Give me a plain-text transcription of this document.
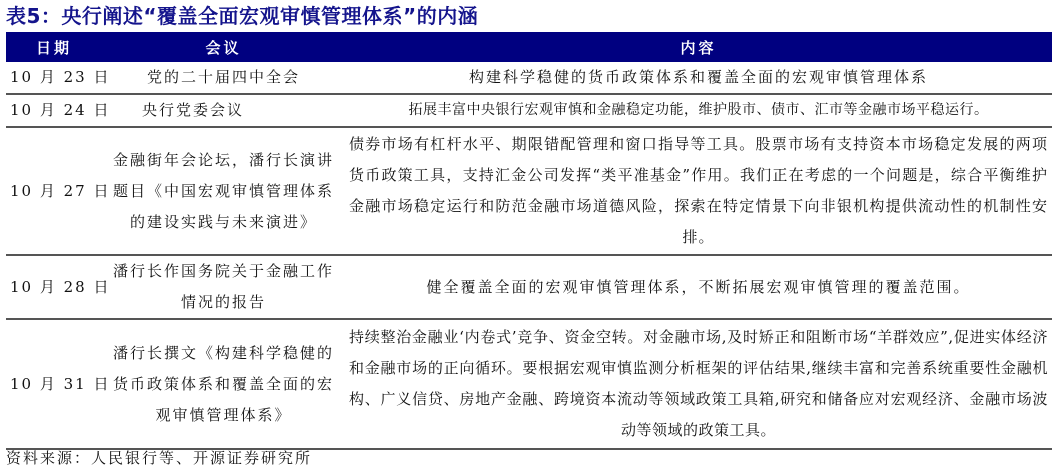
表5：央行阐述“覆盖全面宏观审慎管理体系”的内涵
日期	会议	内容
10 月 23 日	党的二十届四中全会	构建科学稳健的货币政策体系和覆盖全面的宏观审慎管理体系
10 月 24 日	央行党委会议	拓展丰富中央银行宏观审慎和金融稳定功能，维护股市、债市、汇市等金融市场平稳运行。
10 月 27 日	金融街年会论坛，潘行长演讲题目《中国宏观审慎管理体系的建设实践与未来演进》	债券市场有杠杆水平、期限错配管理和窗口指导等工具。股票市场有支持资本市场稳定发展的两项货币政策工具，支持汇金公司发挥“类平准基金”作用。我们正在考虑的一个问题是，综合平衡维护金融市场稳定运行和防范金融市场道德风险，探索在特定情景下向非银机构提供流动性的机制性安排。
10 月 28 日	潘行长作国务院关于金融工作情况的报告	健全覆盖全面的宏观审慎管理体系，不断拓展宏观审慎管理的覆盖范围。
10 月 31 日	潘行长撰文《构建科学稳健的货币政策体系和覆盖全面的宏观审慎管理体系》	持续整治金融业‘内卷式’竞争、资金空转。对金融市场,及时矫正和阻断市场“羊群效应”,促进实体经济和金融市场的正向循环。要根据宏观审慎监测分析框架的评估结果,继续丰富和完善系统重要性金融机构、广义信贷、房地产金融、跨境资本流动等领域政策工具箱,研究和储备应对宏观经济、金融市场波动等领域的政策工具。
资料来源：人民银行等、开源证券研究所
